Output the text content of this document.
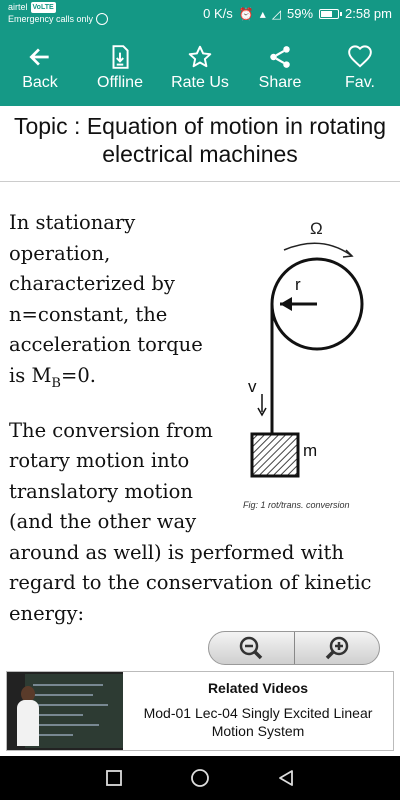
airtel VoLTE
Emergency calls only	0 K/s ⏰ ▴ ◿ 59% 2:58 pm
Back Offline Rate Us Share	Fav.
Topic : Equation of motion in rotating electrical machines

In stationary operation, characterized by n=constant, the acceleration torque is $M_B=0$.

The conversion from rotary motion into translatory motion (and the other way
around as well) is performed with regard to the conservation of kinetic energy:

Ω
r
v
m
Fig: 1 rot/trans. conversion
Related Videos
Mod-01 Lec-04 Singly Excited Linear Motion System
